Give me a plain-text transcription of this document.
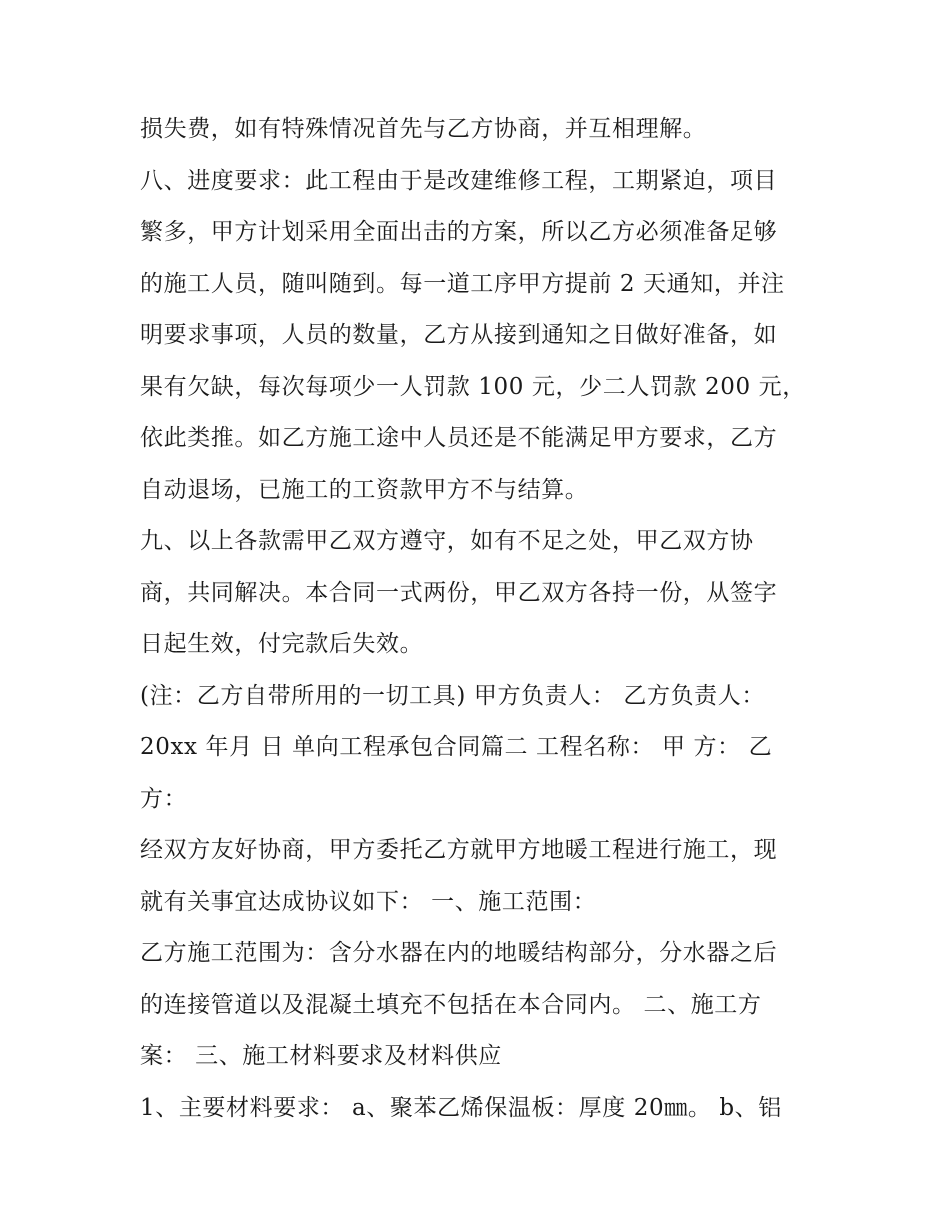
损失费，如有特殊情况首先与乙方协商，并互相理解。
八、进度要求：此工程由于是改建维修工程，工期紧迫，项目
繁多，甲方计划采用全面出击的方案，所以乙方必须准备足够
的施工人员，随叫随到。每一道工序甲方提前 2 天通知，并注
明要求事项，人员的数量，乙方从接到通知之日做好准备，如
果有欠缺，每次每项少一人罚款 100 元，少二人罚款 200 元，
依此类推。如乙方施工途中人员还是不能满足甲方要求，乙方
自动退场，已施工的工资款甲方不与结算。
九、以上各款需甲乙双方遵守，如有不足之处，甲乙双方协
商，共同解决。本合同一式两份，甲乙双方各持一份，从签字
日起生效，付完款后失效。
(注：乙方自带所用的一切工具) 甲方负责人： 乙方负责人：
20xx 年月 日 单向工程承包合同篇二 工程名称： 甲 方： 乙
方：
经双方友好协商，甲方委托乙方就甲方地暖工程进行施工，现
就有关事宜达成协议如下： 一、施工范围：
乙方施工范围为：含分水器在内的地暖结构部分，分水器之后
的连接管道以及混凝土填充不包括在本合同内。 二、施工方
案： 三、施工材料要求及材料供应
1、主要材料要求： a、聚苯乙烯保温板：厚度 20㎜。 b、铝
